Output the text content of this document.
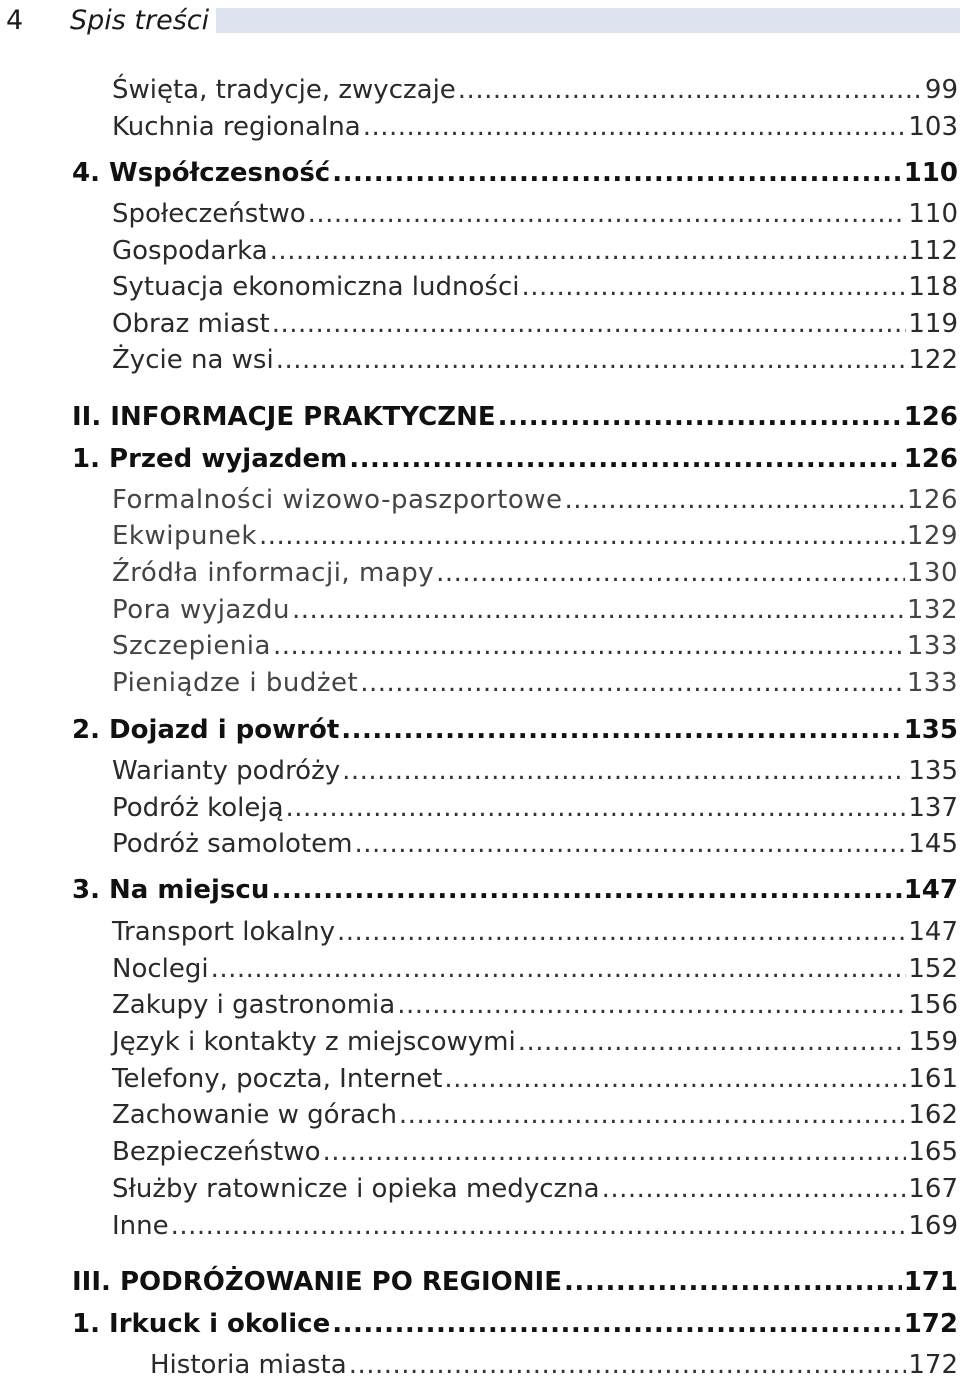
4 Spis treści
Święta, tradycje, zwyczaje .....	99
Kuchnia regionalna .....	103
4. Współczesność .....	110
Społeczeństwo .....	110
Gospodarka .....	112
Sytuacja ekonomiczna ludności .....	118
Obraz miast .....	119
Życie na wsi .....	122
II. INFORMACJE PRAKTYCZNE .....	126
1. Przed wyjazdem .....	126
Formalności wizowo-paszportowe .....	126
Ekwipunek .....	129
Źródła informacji, mapy .....	130
Pora wyjazdu .....	132
Szczepienia .....	133
Pieniądze i budżet .....	133
2. Dojazd i powrót .....	135
Warianty podróży .....	135
Podróż koleją .....	137
Podróż samolotem .....	145
3. Na miejscu .....	147
Transport lokalny .....	147
Noclegi .....	152
Zakupy i gastronomia .....	156
Język i kontakty z miejscowymi .....	159
Telefony, poczta, Internet .....	161
Zachowanie w górach .....	162
Bezpieczeństwo .....	165
Służby ratownicze i opieka medyczna .....	167
Inne .....	169
III. PODRÓŻOWANIE PO REGIONIE .....	171
1. Irkuck i okolice .....	172
Historia miasta .....	172
